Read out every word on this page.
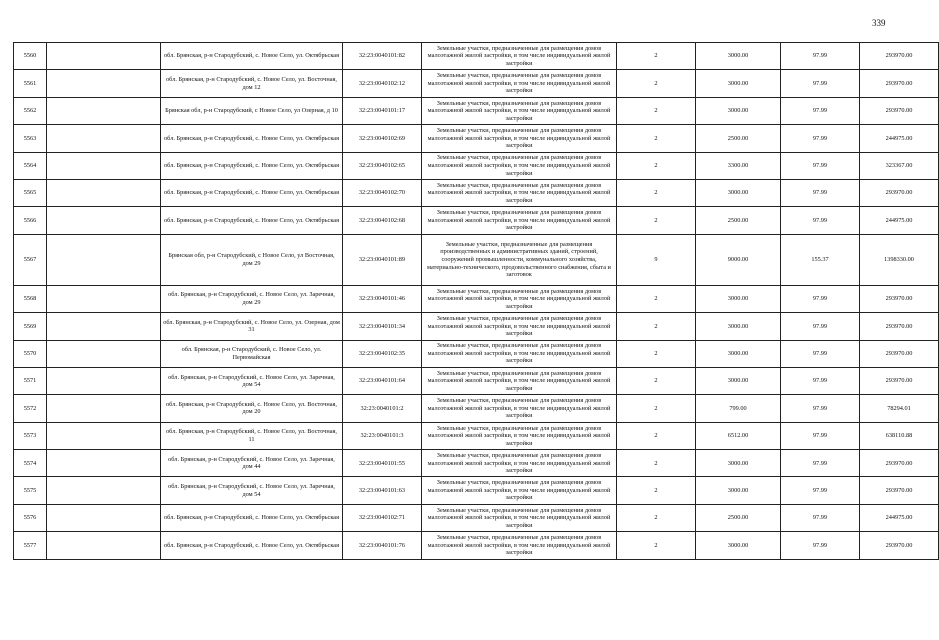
339
5560		обл. Брянская, р-н Стародубский, с. Новое Село, ул. Октябрьская	32:23:0040101:82	Земельные участки, предназначенные для размещения домов малоэтажной жилой застройки, в том числе индивидуальной жилой застройки	2	3000.00	97.99	293970.00
5561		обл. Брянская, р-н Стародубский, с. Новое Село, ул. Восточная, дом 12	32:23:0040102:12	Земельные участки, предназначенные для размещения домов малоэтажной жилой застройки, в том числе индивидуальной жилой застройки	2	3000.00	97.99	293970.00
5562		Брянская обл, р-н Стародубский, с Новое Село, ул Озерная, д 10	32:23:0040101:17	Земельные участки, предназначенные для размещения домов малоэтажной жилой застройки, в том числе индивидуальной жилой застройки	2	3000.00	97.99	293970.00
5563		обл. Брянская, р-н Стародубский, с. Новое Село, ул. Октябрьская	32:23:0040102:69	Земельные участки, предназначенные для размещения домов малоэтажной жилой застройки, в том числе индивидуальной жилой застройки	2	2500.00	97.99	244975.00
5564		обл. Брянская, р-н Стародубский, с. Новое Село, ул. Октябрьская	32:23:0040102:65	Земельные участки, предназначенные для размещения домов малоэтажной жилой застройки, в том числе индивидуальной жилой застройки	2	3300.00	97.99	323367.00
5565		обл. Брянская, р-н Стародубский, с. Новое Село, ул. Октябрьская	32:23:0040102:70	Земельные участки, предназначенные для размещения домов малоэтажной жилой застройки, в том числе индивидуальной жилой застройки	2	3000.00	97.99	293970.00
5566		обл. Брянская, р-н Стародубский, с. Новое Село, ул. Октябрьская	32:23:0040102:68	Земельные участки, предназначенные для размещения домов малоэтажной жилой застройки, в том числе индивидуальной жилой застройки	2	2500.00	97.99	244975.00
5567		Брянская обл, р-н Стародубский, с Новое Село, ул Восточная, дом 29	32:23:0040101:89	Земельные участки, предназначенные для размещения производственных и административных зданий, строений, сооружений промышленности, коммунального хозяйства, материально-технического, продовольственного снабжения, сбыта и заготовок	9	9000.00	155.37	1398330.00
5568		обл. Брянская, р-н Стародубский, с. Новое Село, ул. Заречная, дом 29	32:23:0040101:46	Земельные участки, предназначенные для размещения домов малоэтажной жилой застройки, в том числе индивидуальной жилой застройки	2	3000.00	97.99	293970.00
5569		обл. Брянская, р-н Стародубский, с. Новое Село, ул. Озерная, дом 31	32:23:0040101:34	Земельные участки, предназначенные для размещения домов малоэтажной жилой застройки, в том числе индивидуальной жилой застройки	2	3000.00	97.99	293970.00
5570		обл. Брянская, р-н Стародубский, с. Новое Село, ул. Первомайская	32:23:0040102:35	Земельные участки, предназначенные для размещения домов малоэтажной жилой застройки, в том числе индивидуальной жилой застройки	2	3000.00	97.99	293970.00
5571		обл. Брянская, р-н Стародубский, с. Новое Село, ул. Заречная, дом 54	32:23:0040101:64	Земельные участки, предназначенные для размещения домов малоэтажной жилой застройки, в том числе индивидуальной жилой застройки	2	3000.00	97.99	293970.00
5572		обл. Брянская, р-н Стародубский, с. Новое Село, ул. Восточная, дом 20	32:23:0040101:2	Земельные участки, предназначенные для размещения домов малоэтажной жилой застройки, в том числе индивидуальной жилой застройки	2	799.00	97.99	78294.01
5573		обл. Брянская, р-н Стародубский, с. Новое Село, ул. Восточная, 11	32:23:0040101:3	Земельные участки, предназначенные для размещения домов малоэтажной жилой застройки, в том числе индивидуальной жилой застройки	2	6512.00	97.99	638110.88
5574		обл. Брянская, р-н Стародубский, с. Новое Село, ул. Заречная, дом 44	32:23:0040101:55	Земельные участки, предназначенные для размещения домов малоэтажной жилой застройки, в том числе индивидуальной жилой застройки	2	3000.00	97.99	293970.00
5575		обл. Брянская, р-н Стародубский, с. Новое Село, ул. Заречная, дом 54	32:23:0040101:63	Земельные участки, предназначенные для размещения домов малоэтажной жилой застройки, в том числе индивидуальной жилой застройки	2	3000.00	97.99	293970.00
5576		обл. Брянская, р-н Стародубский, с. Новое Село, ул. Октябрьская	32:23:0040102:71	Земельные участки, предназначенные для размещения домов малоэтажной жилой застройки, в том числе индивидуальной жилой застройки	2	2500.00	97.99	244975.00
5577		обл. Брянская, р-н Стародубский, с. Новое Село, ул. Октябрьская	32:23:0040101:76	Земельные участки, предназначенные для размещения домов малоэтажной жилой застройки, в том числе индивидуальной жилой застройки	2	3000.00	97.99	293970.00
